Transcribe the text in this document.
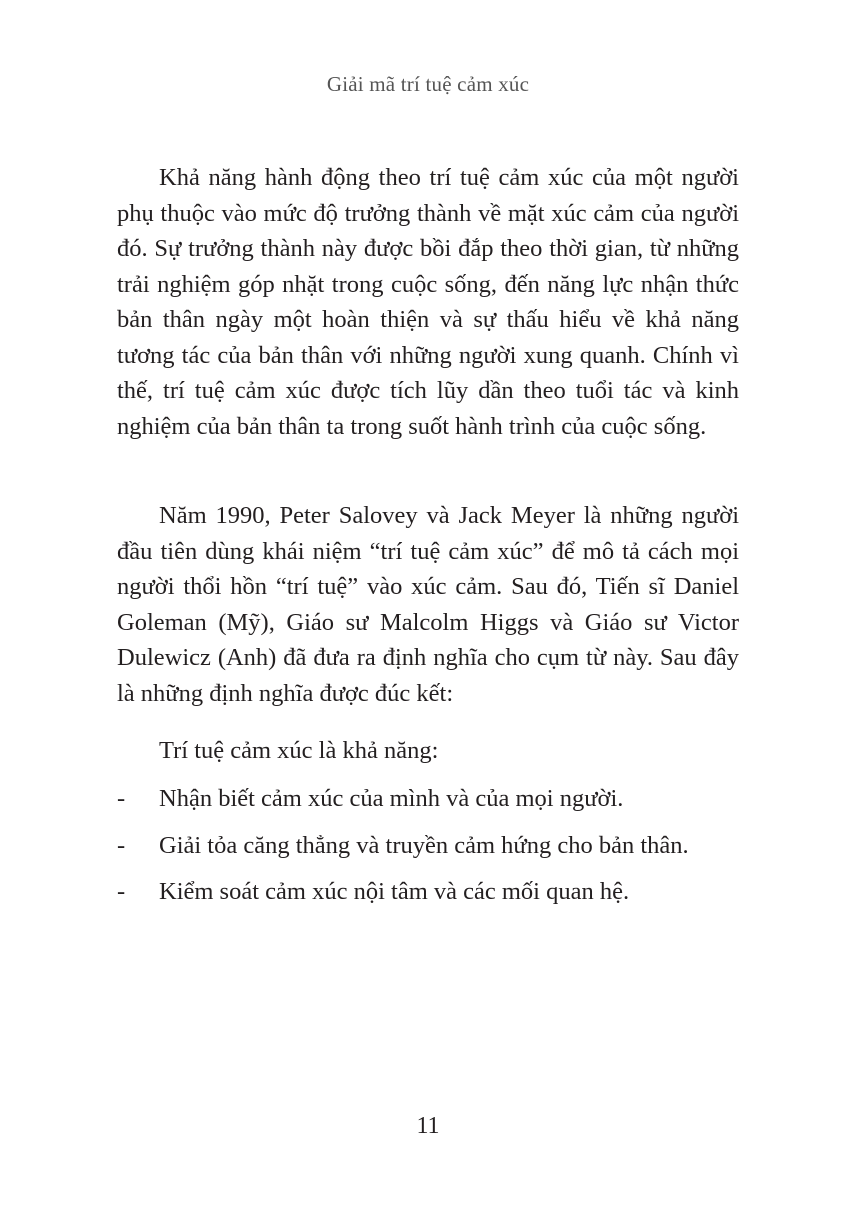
Giải mã trí tuệ cảm xúc

Khả năng hành động theo trí tuệ cảm xúc của một người phụ thuộc vào mức độ trưởng thành về mặt xúc cảm của người đó. Sự trưởng thành này được bồi đắp theo thời gian, từ những trải nghiệm góp nhặt trong cuộc sống, đến năng lực nhận thức bản thân ngày một hoàn thiện và sự thấu hiểu về khả năng tương tác của bản thân với những người xung quanh. Chính vì thế, trí tuệ cảm xúc được tích lũy dần theo tuổi tác và kinh nghiệm của bản thân ta trong suốt hành trình của cuộc sống.

Năm 1990, Peter Salovey và Jack Meyer là những người đầu tiên dùng khái niệm “trí tuệ cảm xúc” để mô tả cách mọi người thổi hồn “trí tuệ” vào xúc cảm. Sau đó, Tiến sĩ Daniel Goleman (Mỹ), Giáo sư Malcolm Higgs và Giáo sư Victor Dulewicz (Anh) đã đưa ra định nghĩa cho cụm từ này. Sau đây là những định nghĩa được đúc kết:

Trí tuệ cảm xúc là khả năng:

-	Nhận biết cảm xúc của mình và của mọi người.
-	Giải tỏa căng thẳng và truyền cảm hứng cho bản thân.
-	Kiểm soát cảm xúc nội tâm và các mối quan hệ.
11
